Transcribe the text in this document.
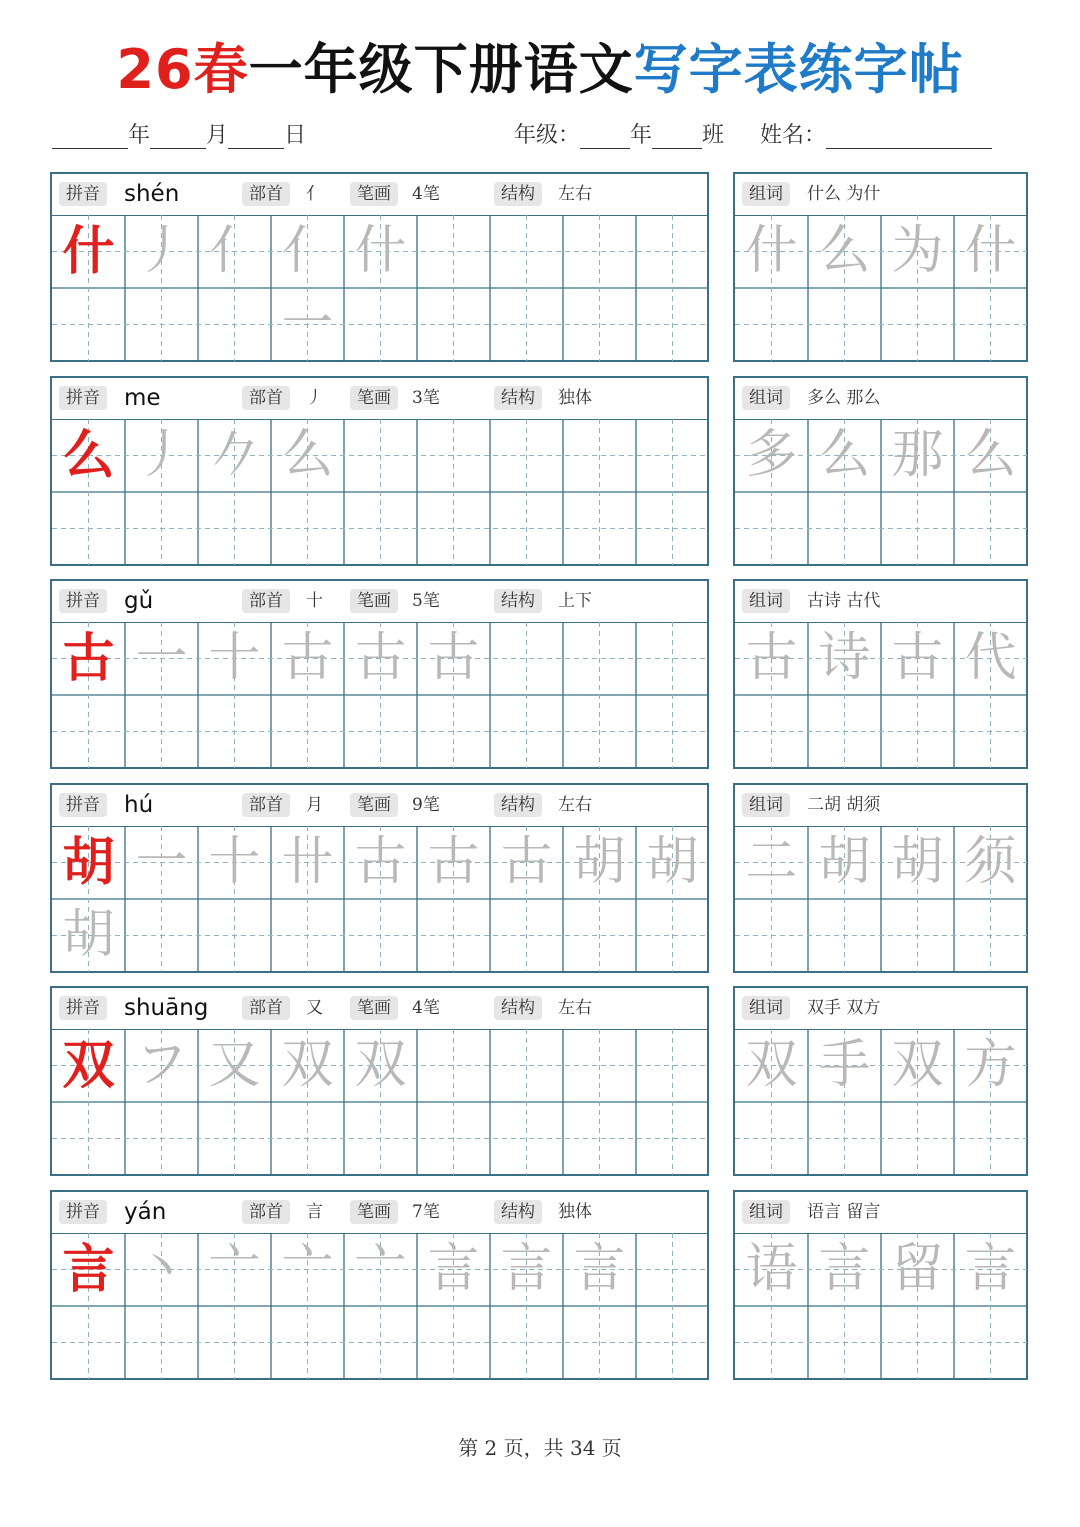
26春一年级下册语文写字表练字帖
年	月	日	年级： 年 班 姓名：
拼音	shén	部首	亻	笔画	4笔	结构	左右
什 丿 亻 亻一
什
组词	什么 为什
什 么 为 什
拼音	me	部首	丿	笔画	3笔	结构	独体
么 丿 𠂊 么
组词	多么 那么
多 么 那 么
拼音	gǔ	部首	十	笔画	5笔	结构	上下
古 一 十 古 古 古
组词	古诗 古代
古 诗 古 代
拼音	hú	部首	月	笔画	9笔	结构	左右
胡 一 十 卄 古 古 古 胡 胡
胡
组词	二胡 胡须
二 胡 胡 须
拼音	shuāng	部首	又	笔画	4笔	结构	左右
双 フ 又 双 双
组词	双手 双方
双 手 双 方
拼音	yán	部首	言	笔画	7笔	结构	独体
言 丶 亠 亠 亠 言 言 言
组词	语言 留言
语 言 留 言
第 2 页，共 34 页
